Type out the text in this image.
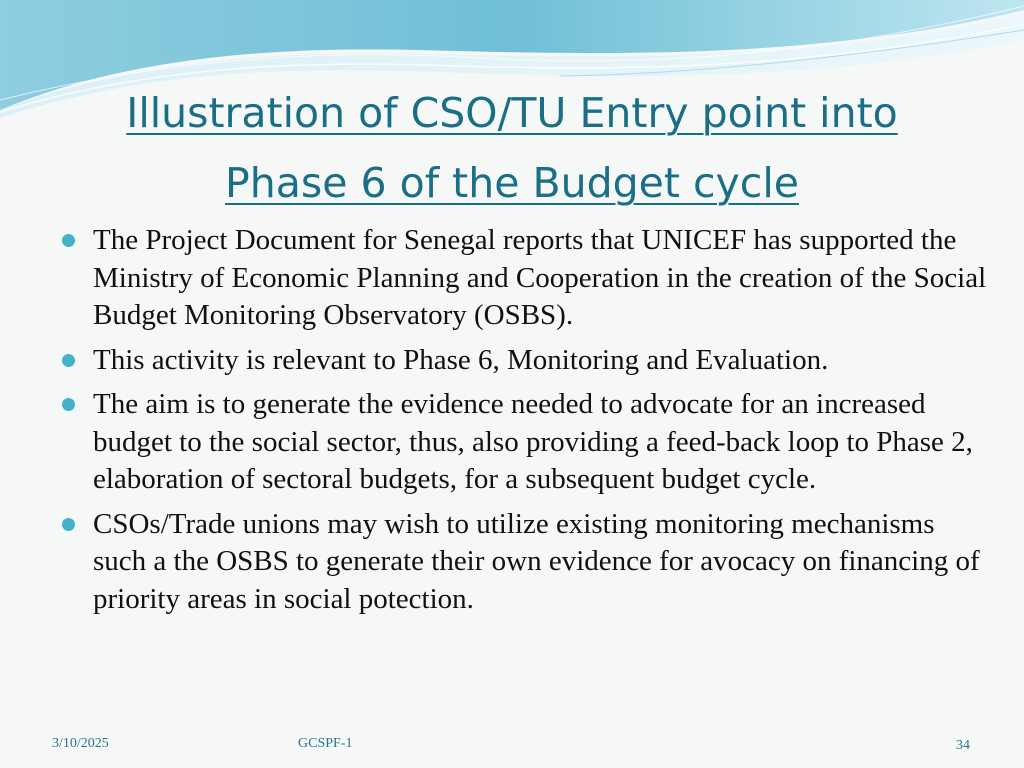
Illustration of CSO/TU Entry point into
Phase 6 of the Budget cycle
The Project Document for Senegal reports that UNICEF has supported the Ministry of Economic Planning and Cooperation in the creation of the Social Budget Monitoring Observatory (OSBS).
This activity is relevant to Phase 6, Monitoring and Evaluation.
The aim is to generate the evidence needed to advocate for an increased budget to the social sector, thus, also providing a feed-back loop to Phase 2, elaboration of sectoral budgets, for a subsequent budget cycle.
CSOs/Trade unions may wish to utilize existing monitoring mechanisms such a the OSBS to generate their own evidence for avocacy on financing of priority areas in social potection.
3/10/2025	GCSPF-1	34
